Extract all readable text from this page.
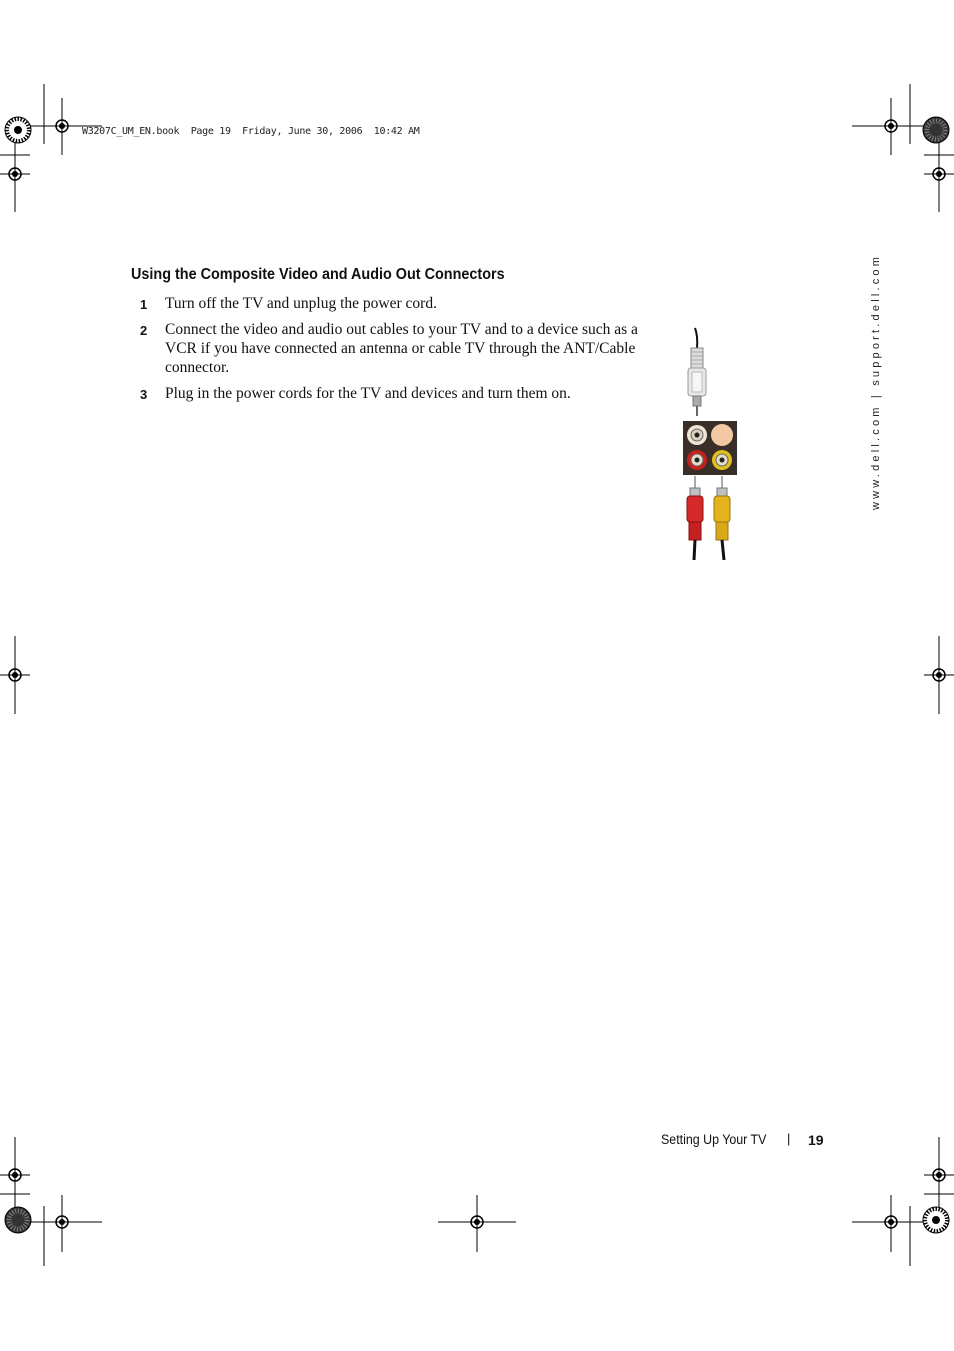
W3207C_UM_EN.book  Page 19  Friday, June 30, 2006  10:42 AM
Using the Composite Video and Audio Out Connectors
1 Turn off the TV and unplug the power cord.
2 Connect the video and audio out cables to your TV and to a device such as a VCR if you have connected an antenna or cable TV through the ANT/Cable connector.
3 Plug in the power cords for the TV and devices and turn them on.	www.dell.com | support.dell.com
Setting Up Your TV | 19
